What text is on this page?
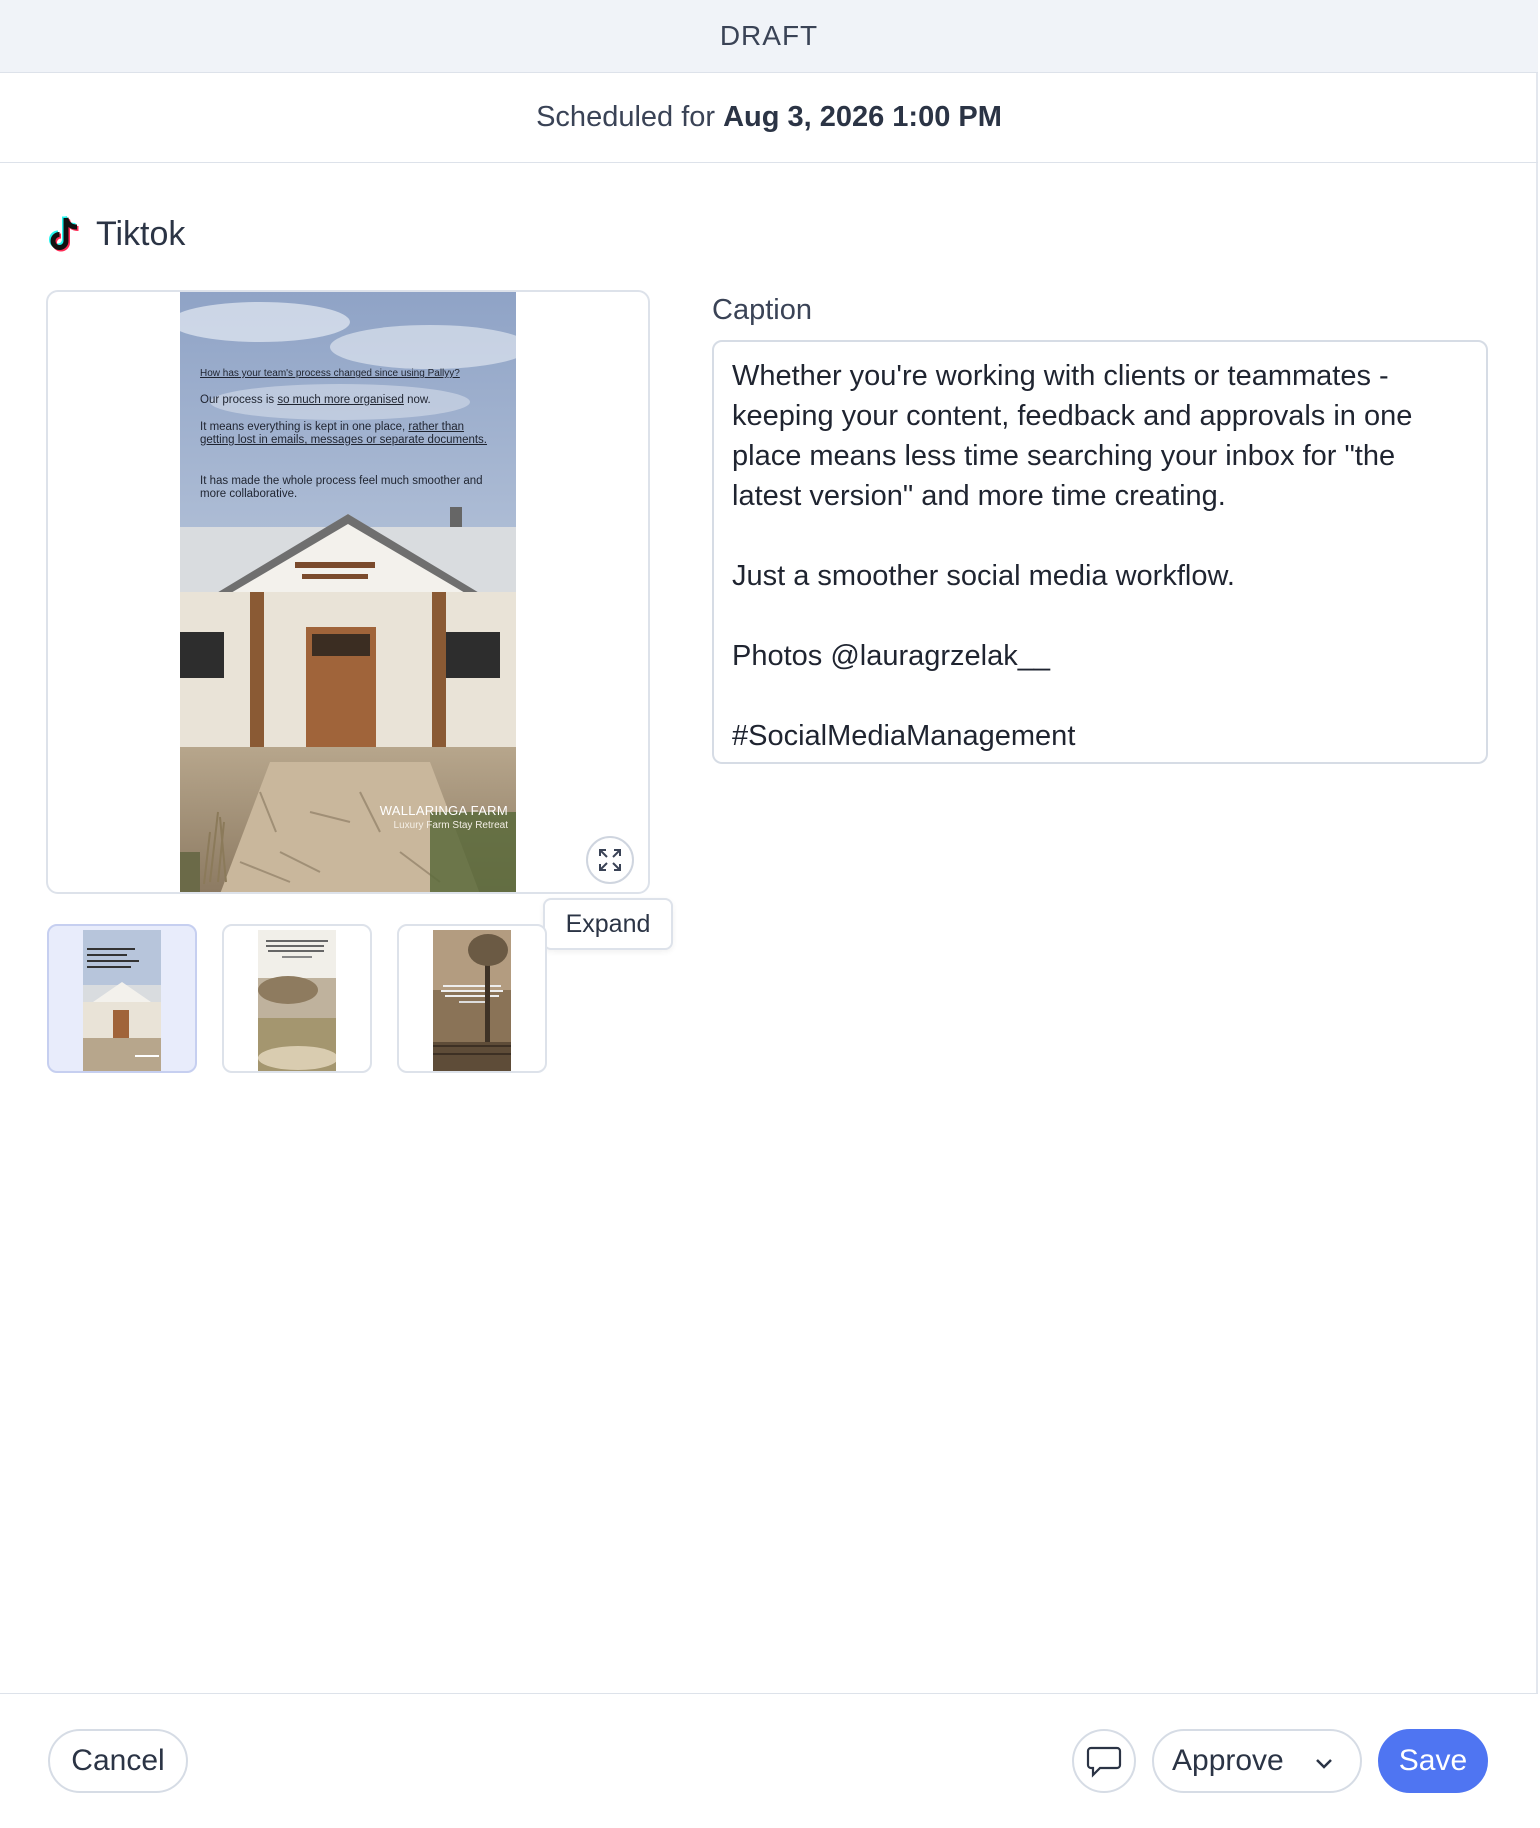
DRAFT
Scheduled for Aug 3, 2026 1:00 PM
Tiktok
How has your team's process changed since using Pallyy?
Our process is so much more organised now.
It means everything is kept in one place, rather than getting lost in emails, messages or separate documents.
It has made the whole process feel much smoother and more collaborative.
WALLARINGA FARM
Luxury Farm Stay Retreat
Expand
Caption
Whether you're working with clients or teammates - keeping your content, feedback and approvals in one place means less time searching your inbox for "the latest version" and more time creating.

Just a smoother social media workflow.

Photos @lauragrzelak__

#SocialMediaManagement
Cancel	Approve	Save
